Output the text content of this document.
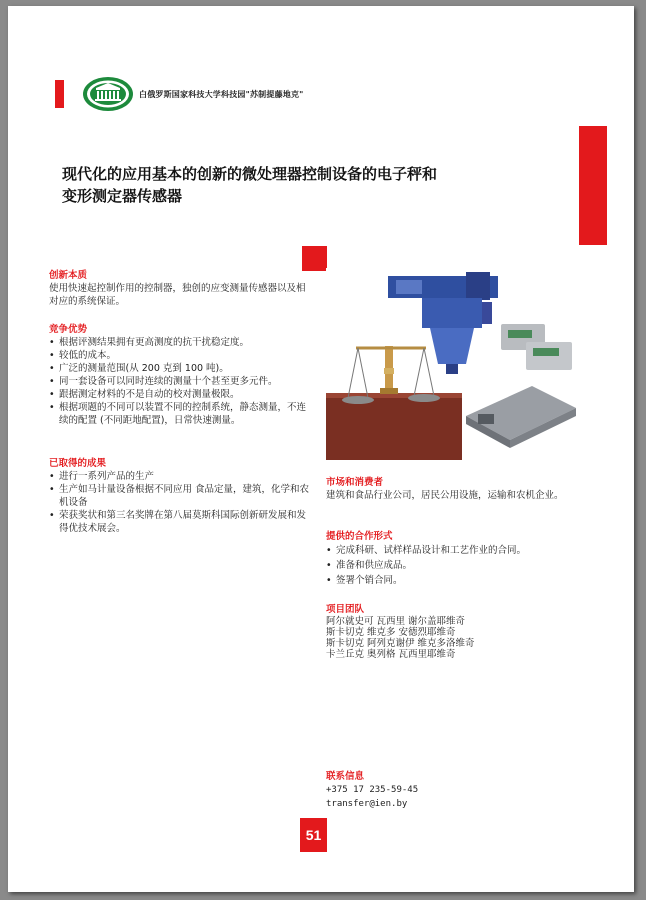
白俄罗斯国家科技大学科技园"苏制提藤地克"
现代化的应用基本的创新的微处理器控制设备的电子秤和
变形测定器传感器
创新本质
使用快速起控制作用的控制器，独创的应变测量传感器以及相对应的系统保证。
竞争优势
• 根据评测结果拥有更高测度的抗干扰稳定度。
• 较低的成本。
• 广泛的测量范围(从 200 克到 100 吨)。
• 同一套设备可以同时连续的测量十个甚至更多元件。
• 跟据测定材料的不是自动的校对测量极限。
• 根据项题的不同可以装置不同的控制系统，静态测量，不连续的配置 (不同距地配置)，日常快速测量。
已取得的成果
• 进行一系列产品的生产
• 生产如马计量设备根据不同应用 食品定量，建筑，化学和农机设备
• 荣获奖状和第三名奖牌在第八届莫斯科国际创新研发展和发得优技术展会。
市场和消费者
建筑和食品行业公司，居民公用设施，运输和农机企业。
提供的合作形式
• 完成科研、试样样品设计和工艺作业的合同。
• 准备和供应成品。
• 签署个销合同。
项目团队
阿尔就史可 瓦西里 谢尔盖耶维奇
斯卡切克 维克多 安德烈耶维奇
斯卡切克 阿列克谢伊 维克多洛维奇
卡兰丘克 奥列格 瓦西里耶维奇
联系信息
+375 17 235-59-45
transfer@ien.by
51
